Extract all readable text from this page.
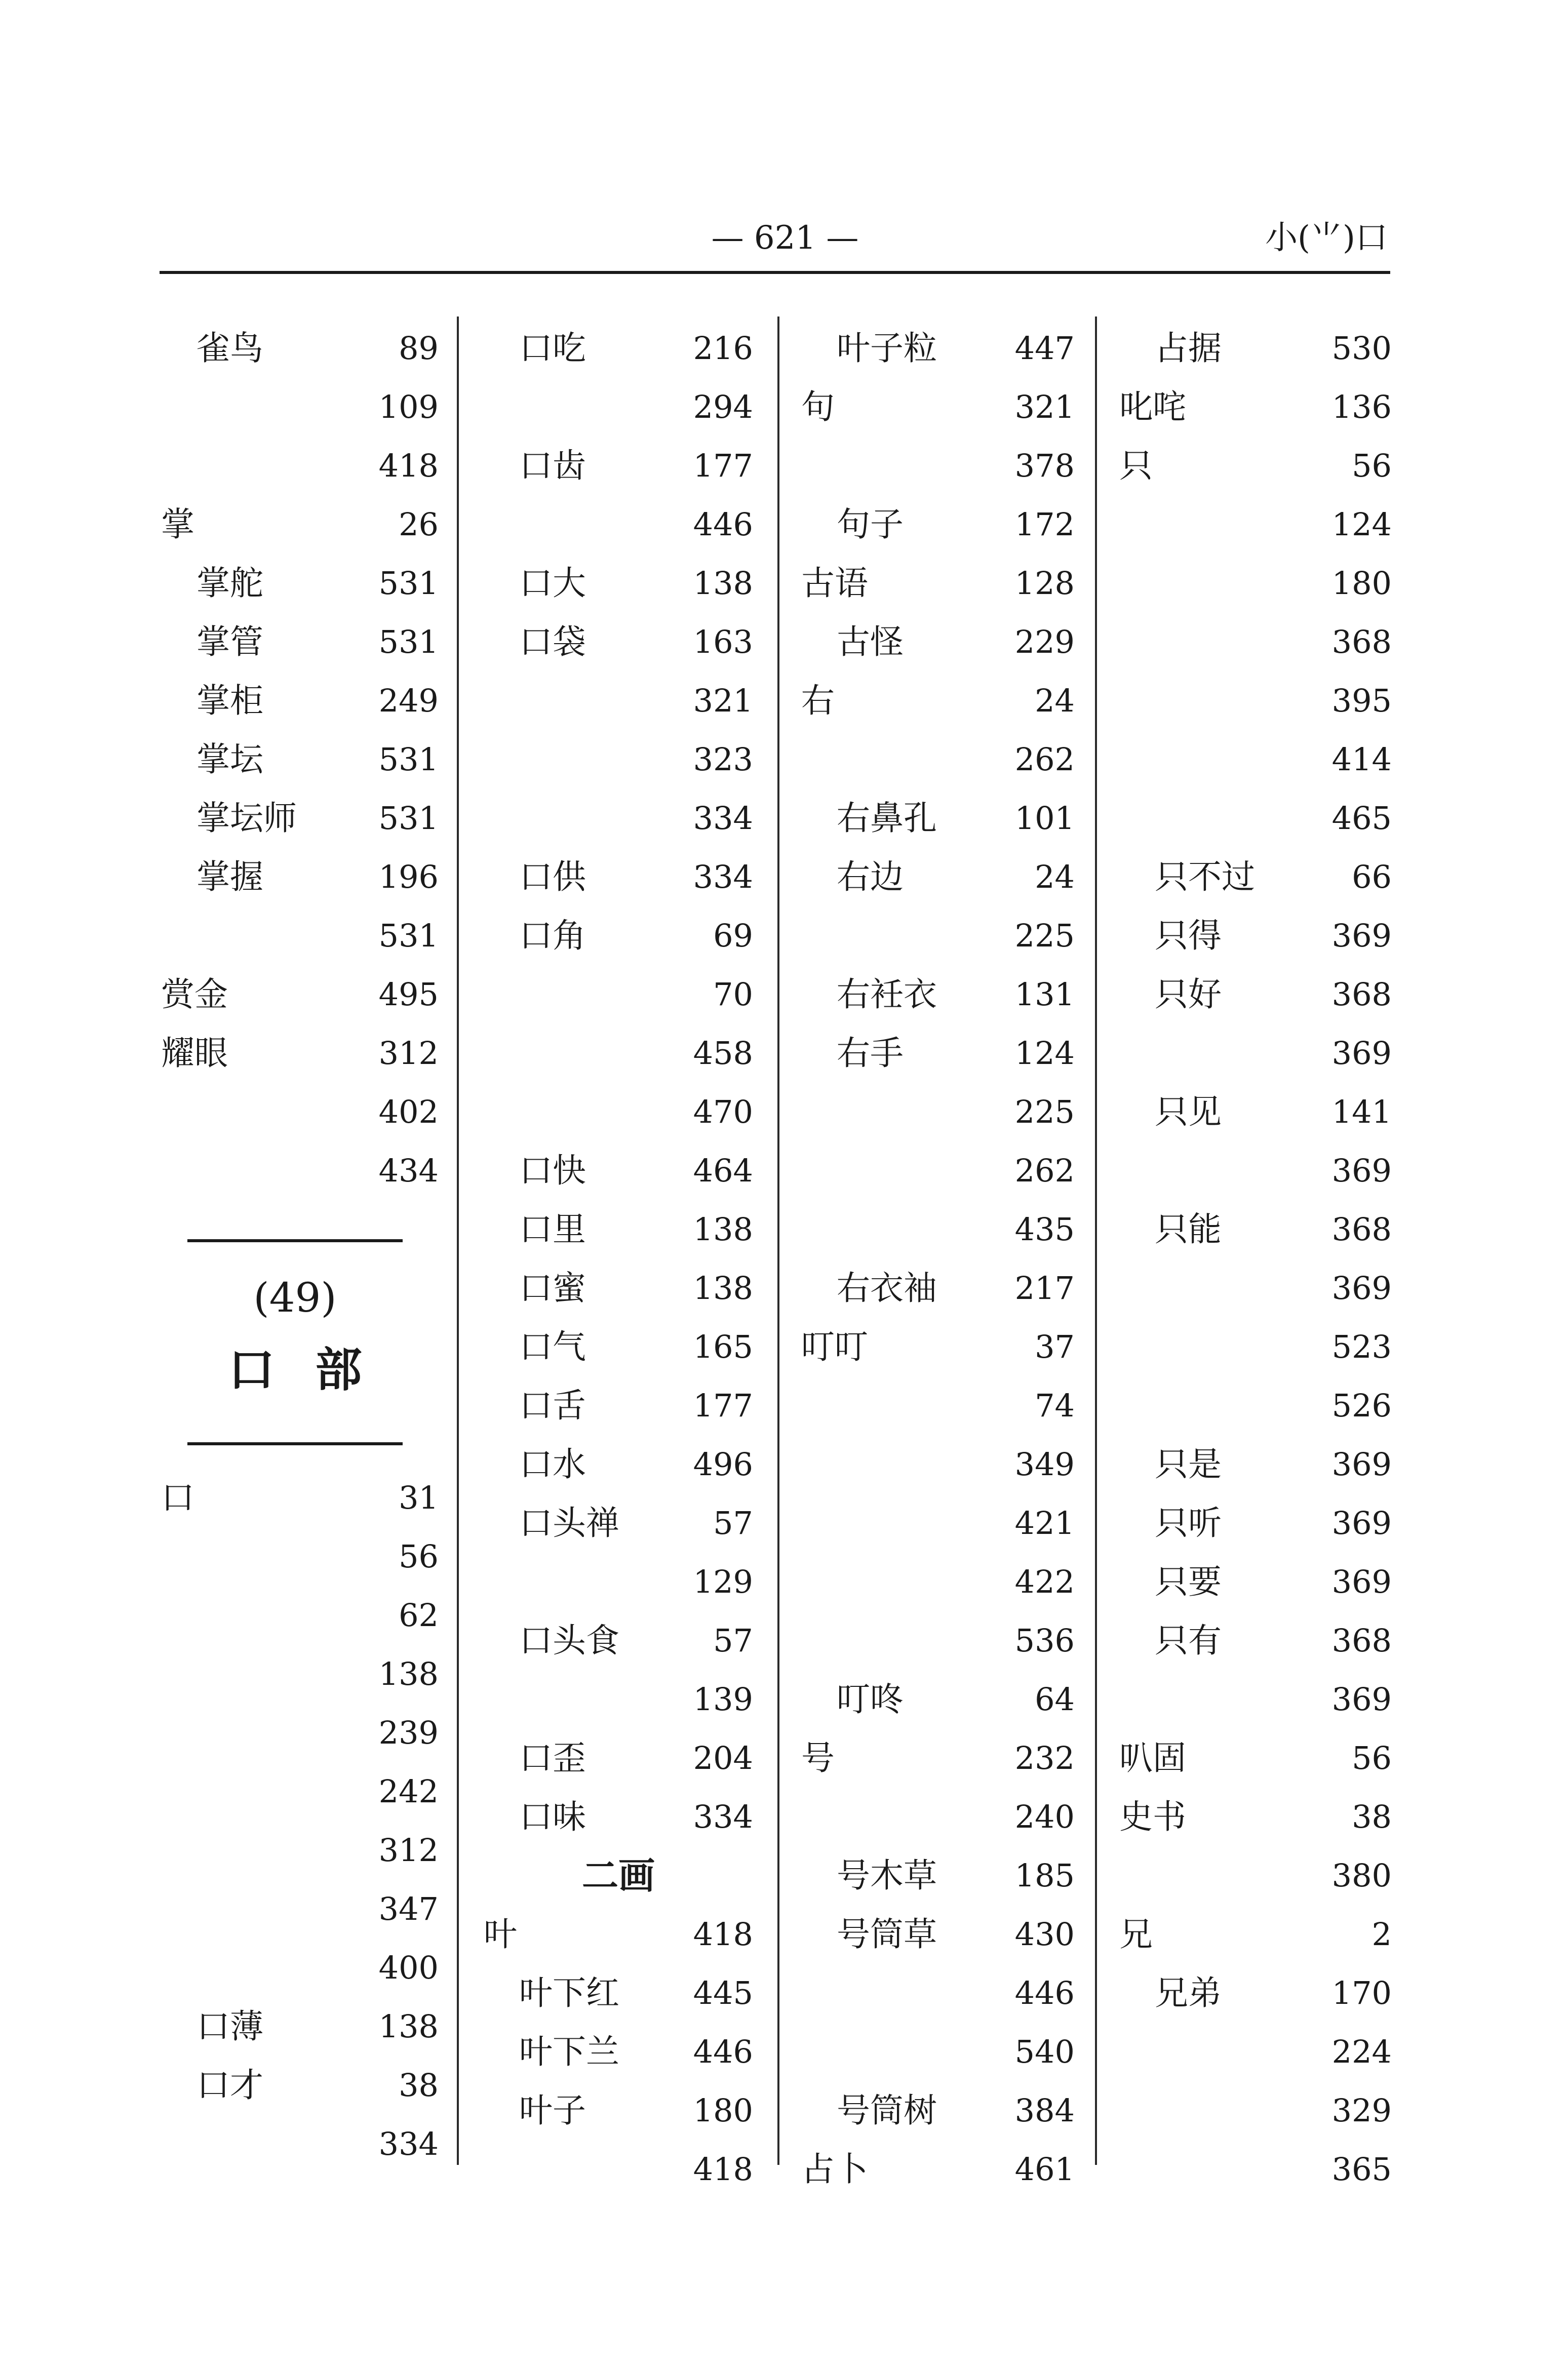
— 621 —	小(⺌)口
雀鸟	89
109
418
掌	26
掌舵	531
掌管	531
掌柜	249
掌坛	531
掌坛师	531
掌握	196
531
赏金	495
耀眼	312
402
434
(49)
口部
口	31
56
62
138
239
242
312
347
400
口薄	138
口才	38
334
口吃	216
294
口齿	177
446
口大	138
口袋	163
321
323
334
口供	334
口角	69
70
458
470
口快	464
口里	138
口蜜	138
口气	165
口舌	177
口水	496
口头禅	57
129
口头食	57
139
口歪	204
口味	334
二画
叶	418
叶下红 445
叶下兰 446
叶子	180
418
叶子粒 447
句	321
378
句子	172
古语	128
古怪	229
右	24
262
右鼻孔 101
右边	24
225
右衽衣 131
右手	124
225
262
435
右衣袖 217
叮叮	37
74
349
421
422
536
叮咚	64
号	232
240
号木草 185
号筒草 430
446
540
号筒树 384
占卜	461
占据	530
叱咤	136
只	56
124
180
368
395
414
465
只不过	66
只得	369
只好	368
369
只见	141
369
只能	368
369
523
526
只是	369
只听	369
只要	369
只有	368
369
叭固	56
史书	38
380
兄	2
兄弟	170
224
329
365
